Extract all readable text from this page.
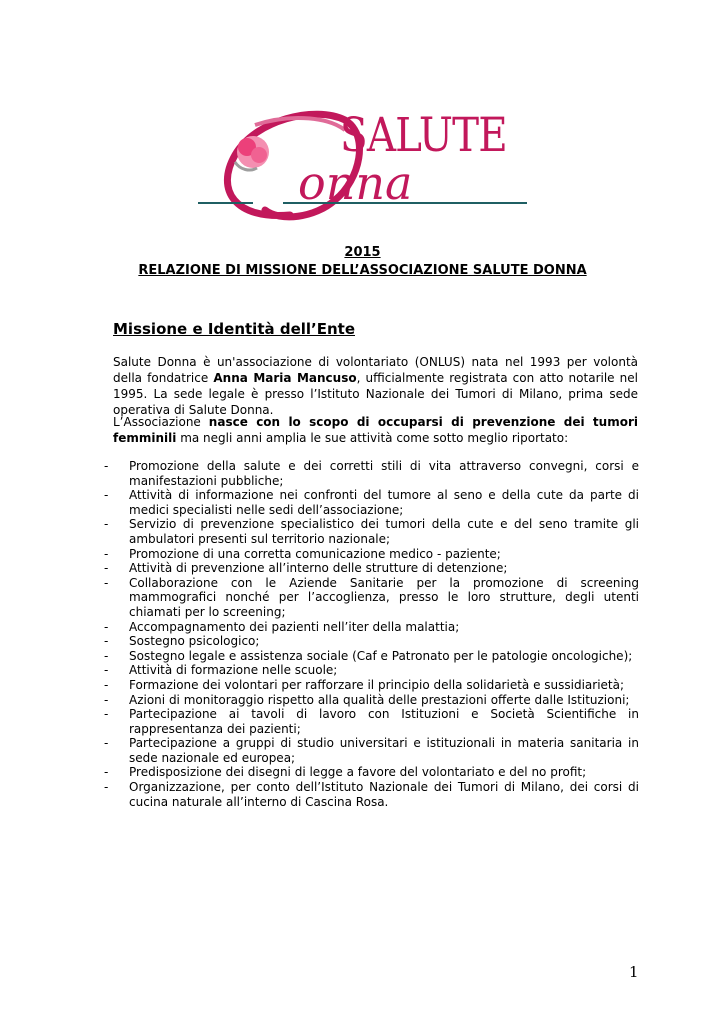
SALUTE
onna
2015
RELAZIONE DI MISSIONE DELL’ASSOCIAZIONE SALUTE DONNA
Missione e Identità dell’Ente
Salute Donna è un'associazione di volontariato (ONLUS) nata nel 1993 per volontà della fondatrice Anna Maria Mancuso, ufficialmente registrata con atto notarile nel 1995. La sede legale è presso l’Istituto Nazionale dei Tumori di Milano, prima sede operativa di Salute Donna.
L’Associazione nasce con lo scopo di occuparsi di prevenzione dei tumori femminili ma negli anni amplia le sue attività come sotto meglio riportato:
- Promozione della salute e dei corretti stili di vita attraverso convegni, corsi e manifestazioni pubbliche;
- Attività di informazione nei confronti del tumore al seno e della cute da parte di medici specialisti nelle sedi dell’associazione;
- Servizio di prevenzione specialistico dei tumori della cute e del seno tramite gli ambulatori presenti sul territorio nazionale;
- Promozione di una corretta comunicazione medico - paziente;
- Attività di prevenzione all’interno delle strutture di detenzione;
- Collaborazione con le Aziende Sanitarie per la promozione di screening mammografici nonché per l’accoglienza, presso le loro strutture, degli utenti chiamati per lo screening;
- Accompagnamento dei pazienti nell’iter della malattia;
- Sostegno psicologico;
- Sostegno legale e assistenza sociale (Caf e Patronato per le patologie oncologiche);
- Attività di formazione nelle scuole;
- Formazione dei volontari per rafforzare il principio della solidarietà e sussidiarietà;
- Azioni di monitoraggio rispetto alla qualità delle prestazioni offerte dalle Istituzioni;
- Partecipazione ai tavoli di lavoro con Istituzioni e Società Scientifiche in rappresentanza dei pazienti;
- Partecipazione a gruppi di studio universitari e istituzionali in materia sanitaria in sede nazionale ed europea;
- Predisposizione dei disegni di legge a favore del volontariato e del no profit;
- Organizzazione, per conto dell’Istituto Nazionale dei Tumori di Milano, dei corsi di cucina naturale all’interno di Cascina Rosa.
1
